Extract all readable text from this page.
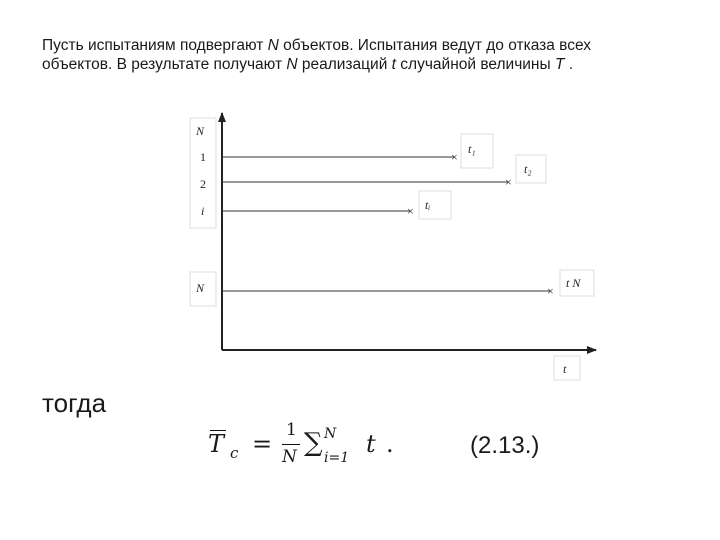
Пусть испытаниям подвергают N объектов. Испытания ведут до отказа всех
объектов. В результате получают N реализаций t случайной величины T .

N
1
2
i
N
×
×
×
×
t₁
t₂
tᵢ
t N
t

тогда

T c = 1
N ∑ N
i=1 t .	(2.13.)
